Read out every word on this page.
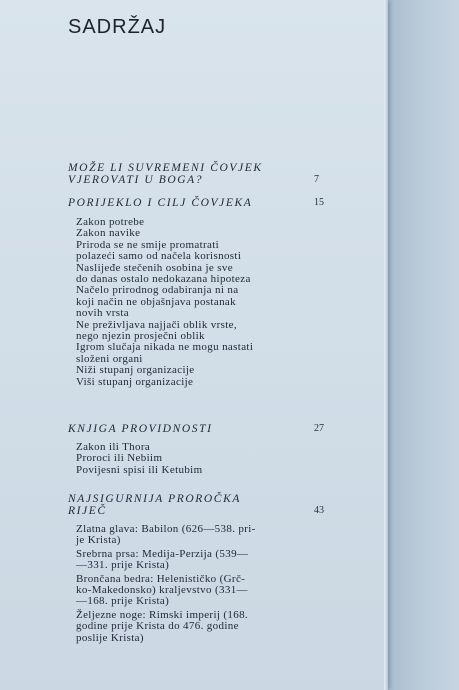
SADRŽAJ
MOŽE LI SUVREMENI ČOVJEK
VJEROVATI U BOGA?	7
PORIJEKLO I CILJ ČOVJEKA	15
Zakon potrebe
Zakon navike
Priroda se ne smije promatrati
polazeći samo od načela korisnosti
Naslijeđe stečenih osobina je sve
do danas ostalo nedokazana hipoteza
Načelo prirodnog odabiranja ni na
koji način ne objašnjava postanak
novih vrsta
Ne preživljava najjači oblik vrste,
nego njezin prosječni oblik
Igrom slučaja nikada ne mogu nastati
složeni organi
Niži stupanj organizacije
Viši stupanj organizacije
KNJIGA PROVIDNOSTI	27
Zakon ili Thora
Proroci ili Nebiim
Povijesni spisi ili Ketubim
NAJSIGURNIJA PROROČKA
RIJEČ	43
Zlatna glava: Babilon (626—538. pri-
je Krista)
Srebrna prsa: Medija-Perzija (539—
—331. prije Krista)
Brončana bedra: Helenističko (Grč-
ko-Makedonsko) kraljevstvo (331—
—168. prije Krista)
Željezne noge: Rimski imperij (168.
godine prije Krista do 476. godine
poslije Krista)
